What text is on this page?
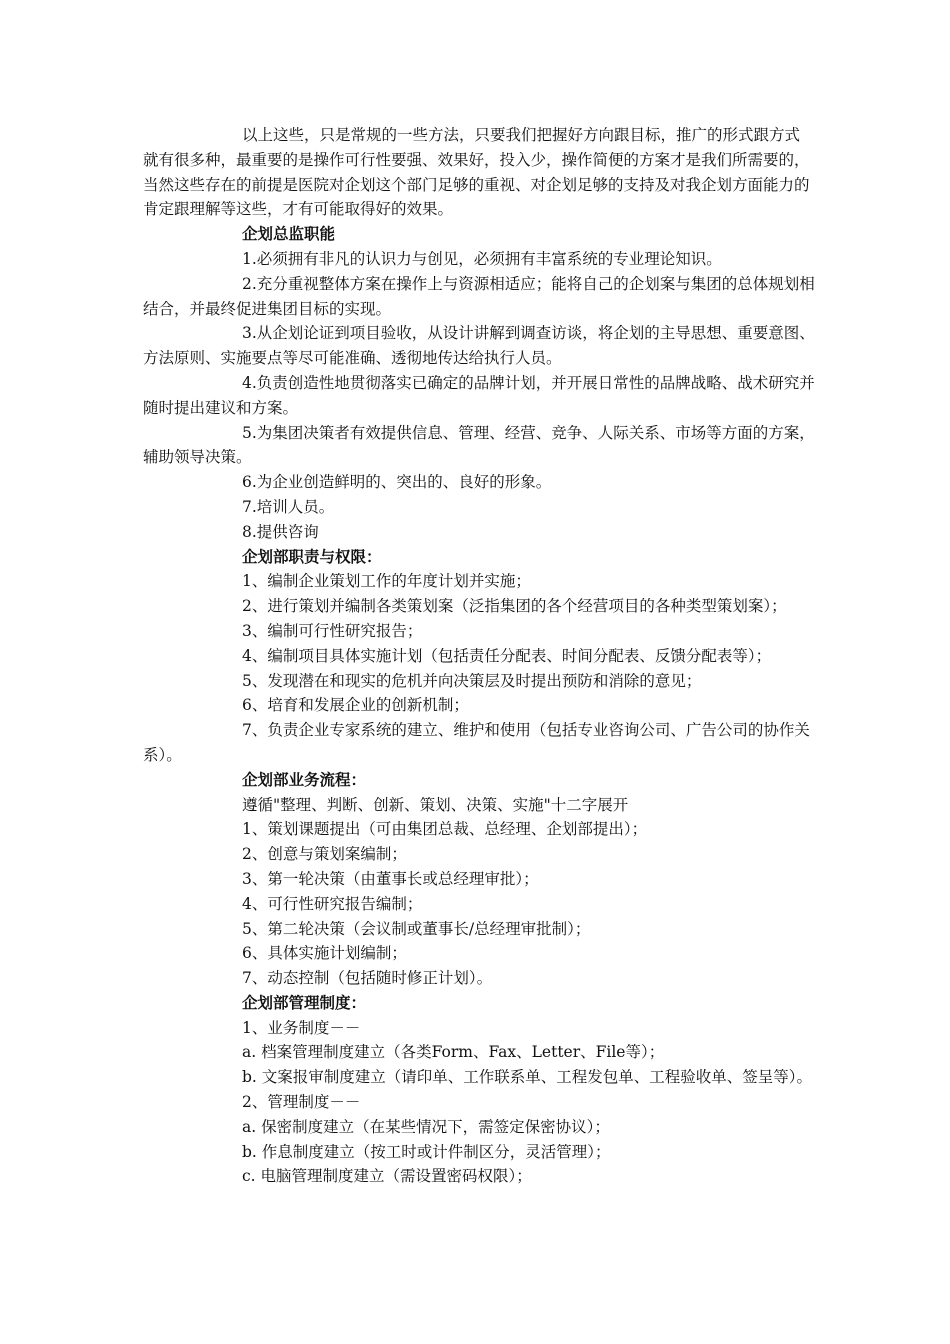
以上这些，只是常规的一些方法，只要我们把握好方向跟目标，推广的形式跟方式就有很多种，最重要的是操作可行性要强、效果好，投入少，操作简便的方案才是我们所需要的，当然这些存在的前提是医院对企划这个部门足够的重视、对企划足够的支持及对我企划方面能力的肯定跟理解等这些，才有可能取得好的效果。

企划总监职能

1.必须拥有非凡的认识力与创见，必须拥有丰富系统的专业理论知识。

2.充分重视整体方案在操作上与资源相适应；能将自己的企划案与集团的总体规划相结合，并最终促进集团目标的实现。

3.从企划论证到项目验收，从设计讲解到调查访谈，将企划的主导思想、重要意图、方法原则、实施要点等尽可能准确、透彻地传达给执行人员。

4.负责创造性地贯彻落实已确定的品牌计划，并开展日常性的品牌战略、战术研究并随时提出建议和方案。

5.为集团决策者有效提供信息、管理、经营、竞争、人际关系、市场等方面的方案，辅助领导决策。

6.为企业创造鲜明的、突出的、良好的形象。

7.培训人员。

8.提供咨询

企划部职责与权限：

1、编制企业策划工作的年度计划并实施；

2、进行策划并编制各类策划案（泛指集团的各个经营项目的各种类型策划案）；

3、编制可行性研究报告；

4、编制项目具体实施计划（包括责任分配表、时间分配表、反馈分配表等）；

5、发现潜在和现实的危机并向决策层及时提出预防和消除的意见；

6、培育和发展企业的创新机制；

7、负责企业专家系统的建立、维护和使用（包括专业咨询公司、广告公司的协作关系）。

企划部业务流程：

遵循"整理、判断、创新、策划、决策、实施"十二字展开

1、策划课题提出（可由集团总裁、总经理、企划部提出）；

2、创意与策划案编制；

3、第一轮决策（由董事长或总经理审批）；

4、可行性研究报告编制；

5、第二轮决策（会议制或董事长/总经理审批制）；

6、具体实施计划编制；

7、动态控制（包括随时修正计划）。

企划部管理制度：

1、业务制度－－

a. 档案管理制度建立（各类Form、Fax、Letter、File等）；

b. 文案报审制度建立（请印单、工作联系单、工程发包单、工程验收单、签呈等）。

2、管理制度－－

a. 保密制度建立（在某些情况下，需签定保密协议）；

b. 作息制度建立（按工时或计件制区分，灵活管理）；

c. 电脑管理制度建立（需设置密码权限）；
